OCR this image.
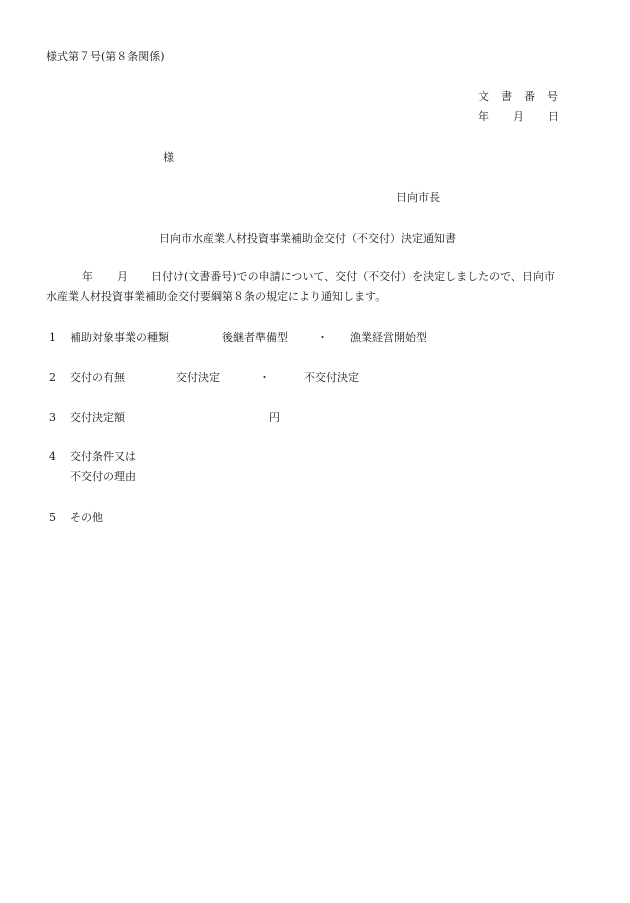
様式第７号(第８条関係)
文 書 番 号
年 月 日
様
日向市長
日向市水産業人材投資事業補助金交付（不交付）決定通知書
年 月 日付け(文書番号)での申請について、交付（不交付）を決定しましたので、日向市
水産業人材投資事業補助金交付要綱第８条の規定により通知します。
1 補助対象事業の種類	後継者準備型	・ 漁業経営開始型
2 交付の有無	交付決定	・	不交付決定
3 交付決定額	円
4 交付条件又は
不交付の理由
5 その他
